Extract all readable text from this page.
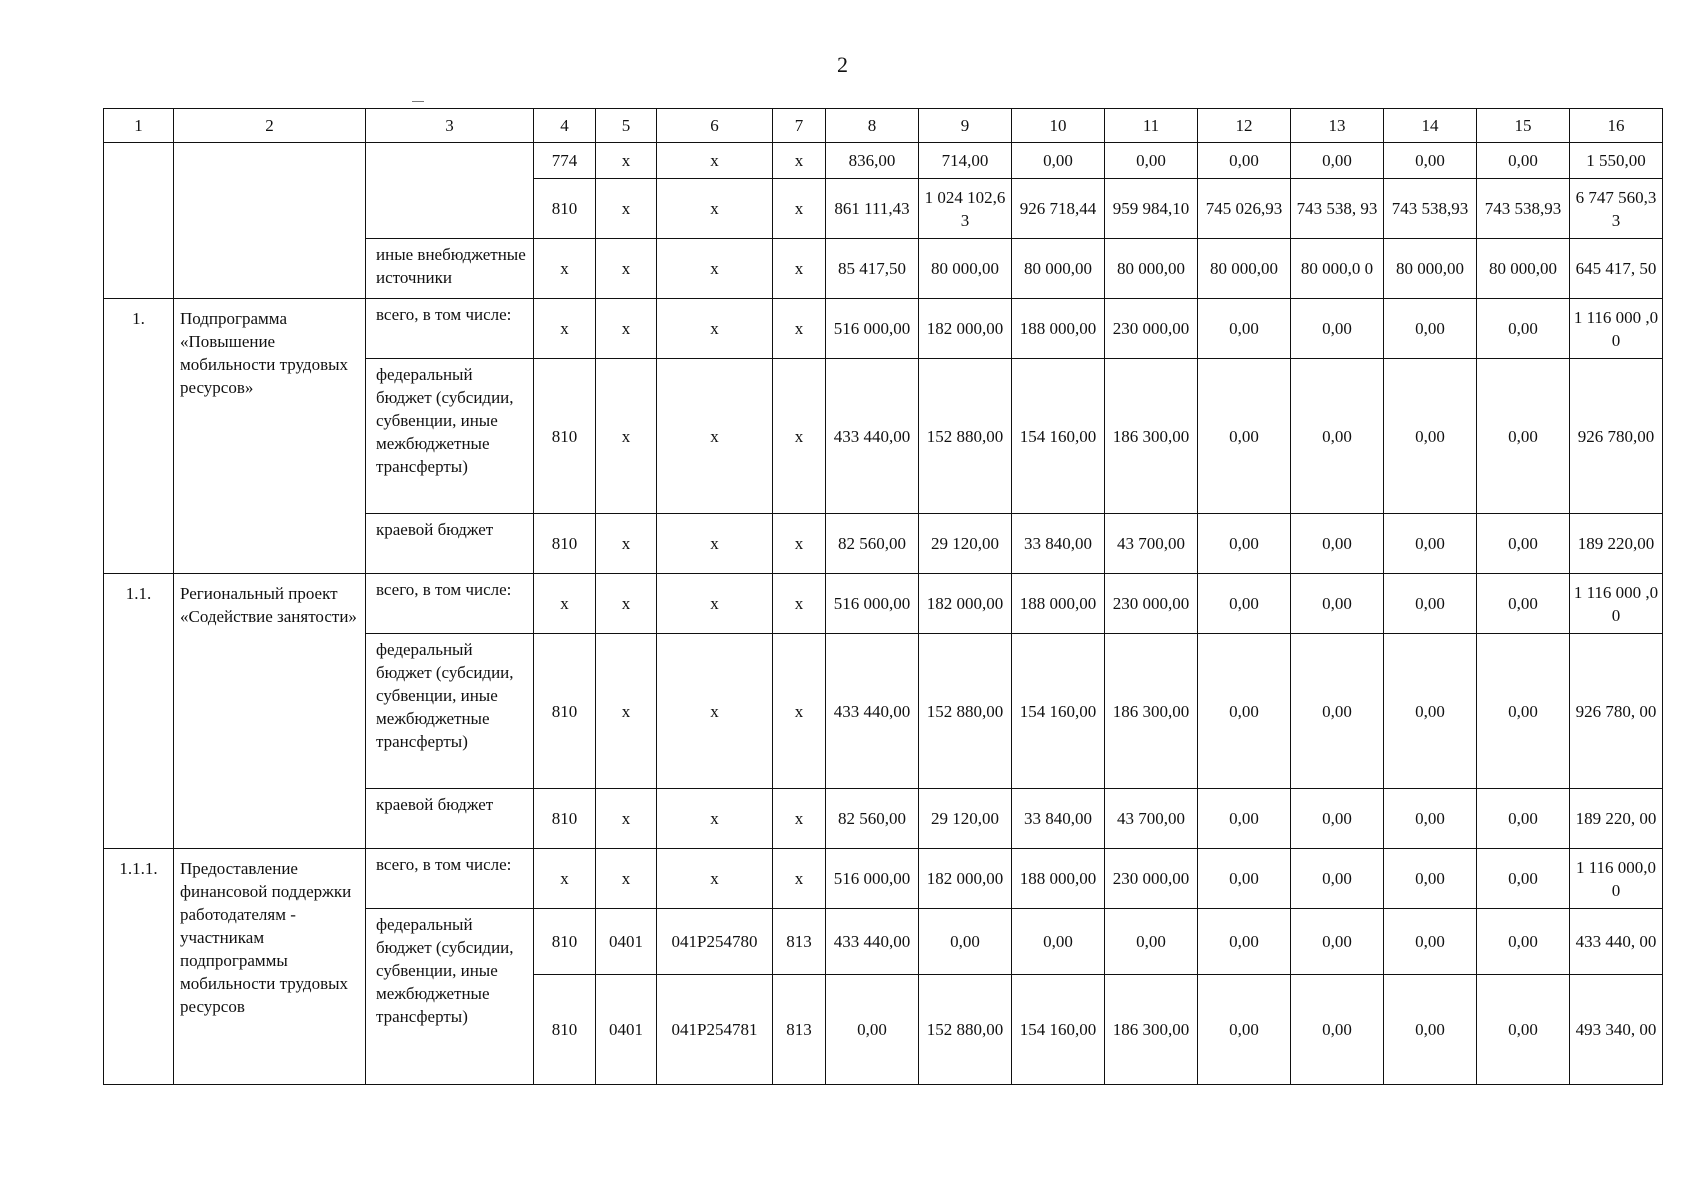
2
1	2	3	4	5	6	7	8	9	10	11	12	13	14	15	16
			774	x	x	x	836,00	714,00	0,00	0,00	0,00	0,00	0,00	0,00	1 550,00
			810	x	x	x	861 111,43	1 024 102,63	926 718,44	959 984,10	745 026,93	743 538, 93	743 538,93	743 538,93	6 747 560,33
		иные внебюджетные источники	x	x	x	x	85 417,50	80 000,00	80 000,00	80 000,00	80 000,00	80 000,0 0	80 000,00	80 000,00	645 417, 50
1.	Подпрограмма «Повышение мобильности трудовых ресурсов»	всего, в том числе:	x	x	x	x	516 000,00	182 000,00	188 000,00	230 000,00	0,00	0,00	0,00	0,00	1 116 000 ,00
		федеральный бюджет (субсидии, субвенции, иные межбюджетные трансферты)	810	x	x	x	433 440,00	152 880,00	154 160,00	186 300,00	0,00	0,00	0,00	0,00	926 780,00
		краевой бюджет	810	x	x	x	82 560,00	29 120,00	33 840,00	43 700,00	0,00	0,00	0,00	0,00	189 220,00
1.1.	Региональный проект «Содействие занятости»	всего, в том числе:	x	x	x	x	516 000,00	182 000,00	188 000,00	230 000,00	0,00	0,00	0,00	0,00	1 116 000 ,00
		федеральный бюджет (субсидии, субвенции, иные межбюджетные трансферты)	810	x	x	x	433 440,00	152 880,00	154 160,00	186 300,00	0,00	0,00	0,00	0,00	926 780, 00
		краевой бюджет	810	x	x	x	82 560,00	29 120,00	33 840,00	43 700,00	0,00	0,00	0,00	0,00	189 220, 00
1.1.1.	Предоставление финансовой поддержки работодателям - участникам подпрограммы мобильности трудовых ресурсов	всего, в том числе:	x	x	x	x	516 000,00	182 000,00	188 000,00	230 000,00	0,00	0,00	0,00	0,00	1 116 000,00
		федеральный бюджет (субсидии, субвенции, иные межбюджетные трансферты)	810	0401	041P254780	813	433 440,00	0,00	0,00	0,00	0,00	0,00	0,00	0,00	433 440, 00
			810	0401	041P254781	813	0,00	152 880,00	154 160,00	186 300,00	0,00	0,00	0,00	0,00	493 340, 00
